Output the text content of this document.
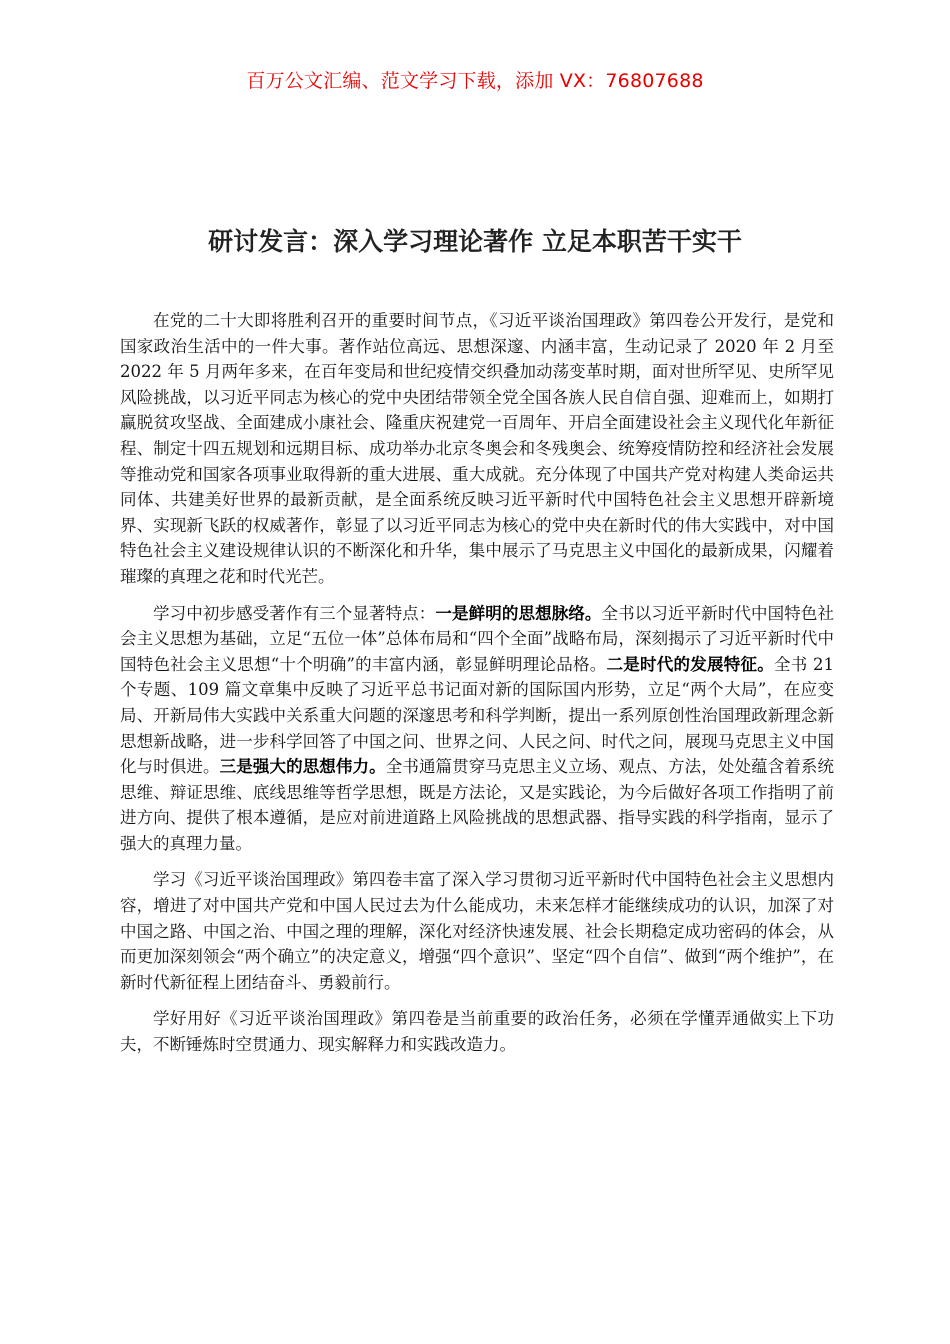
百万公文汇编、范文学习下载，添加 VX：76807688
研讨发言：深入学习理论著作 立足本职苦干实干

在党的二十大即将胜利召开的重要时间节点，《习近平谈治国理政》第四卷公开发行，是党和国家政治生活中的一件大事。著作站位高远、思想深邃、内涵丰富，生动记录了 2020 年 2 月至 2022 年 5 月两年多来，在百年变局和世纪疫情交织叠加动荡变革时期，面对世所罕见、史所罕见风险挑战，以习近平同志为核心的党中央团结带领全党全国各族人民自信自强、迎难而上，如期打赢脱贫攻坚战、全面建成小康社会、隆重庆祝建党一百周年、开启全面建设社会主义现代化年新征程、制定十四五规划和远期目标、成功举办北京冬奥会和冬残奥会、统筹疫情防控和经济社会发展等推动党和国家各项事业取得新的重大进展、重大成就。充分体现了中国共产党对构建人类命运共同体、共建美好世界的最新贡献，是全面系统反映习近平新时代中国特色社会主义思想开辟新境界、实现新飞跃的权威著作，彰显了以习近平同志为核心的党中央在新时代的伟大实践中，对中国特色社会主义建设规律认识的不断深化和升华，集中展示了马克思主义中国化的最新成果，闪耀着璀璨的真理之花和时代光芒。

学习中初步感受著作有三个显著特点：一是鲜明的思想脉络。全书以习近平新时代中国特色社会主义思想为基础，立足“五位一体”总体布局和“四个全面”战略布局，深刻揭示了习近平新时代中国特色社会主义思想“十个明确”的丰富内涵，彰显鲜明理论品格。二是时代的发展特征。全书 21 个专题、109 篇文章集中反映了习近平总书记面对新的国际国内形势，立足“两个大局”，在应变局、开新局伟大实践中关系重大问题的深邃思考和科学判断，提出一系列原创性治国理政新理念新思想新战略，进一步科学回答了中国之问、世界之问、人民之问、时代之问，展现马克思主义中国化与时俱进。三是强大的思想伟力。全书通篇贯穿马克思主义立场、观点、方法，处处蕴含着系统思维、辩证思维、底线思维等哲学思想，既是方法论，又是实践论，为今后做好各项工作指明了前进方向、提供了根本遵循，是应对前进道路上风险挑战的思想武器、指导实践的科学指南，显示了强大的真理力量。

学习《习近平谈治国理政》第四卷丰富了深入学习贯彻习近平新时代中国特色社会主义思想内容，增进了对中国共产党和中国人民过去为什么能成功，未来怎样才能继续成功的认识，加深了对中国之路、中国之治、中国之理的理解，深化对经济快速发展、社会长期稳定成功密码的体会，从而更加深刻领会“两个确立”的决定意义，增强“四个意识”、坚定“四个自信”、做到“两个维护”，在新时代新征程上团结奋斗、勇毅前行。

学好用好《习近平谈治国理政》第四卷是当前重要的政治任务，必须在学懂弄通做实上下功夫，不断锤炼时空贯通力、现实解释力和实践改造力。
